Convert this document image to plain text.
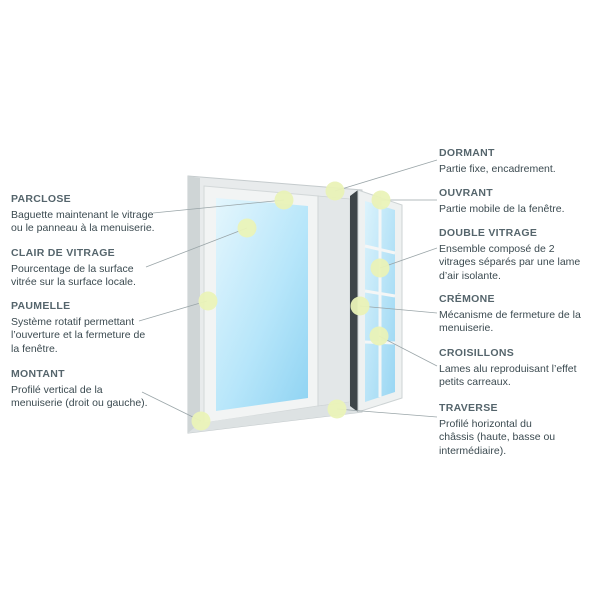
PARCLOSE
Baguette maintenant le vitrage
ou le panneau à la menuiserie.
CLAIR DE VITRAGE
Pourcentage de la surface
vitrée sur la surface locale.
PAUMELLE
Système rotatif permettant
l’ouverture et la fermeture de
la fenêtre.
MONTANT
Profilé vertical de la
menuiserie (droit ou gauche).
DORMANT
Partie fixe, encadrement.
OUVRANT
Partie mobile de la fenêtre.
DOUBLE VITRAGE
Ensemble composé de 2
vitrages séparés par une lame
d’air isolante.
CRÉMONE
Mécanisme de fermeture de la
menuiserie.
CROISILLONS
Lames alu reproduisant l’effet
petits carreaux.
TRAVERSE
Profilé horizontal du
châssis (haute, basse ou
intermédiaire).
